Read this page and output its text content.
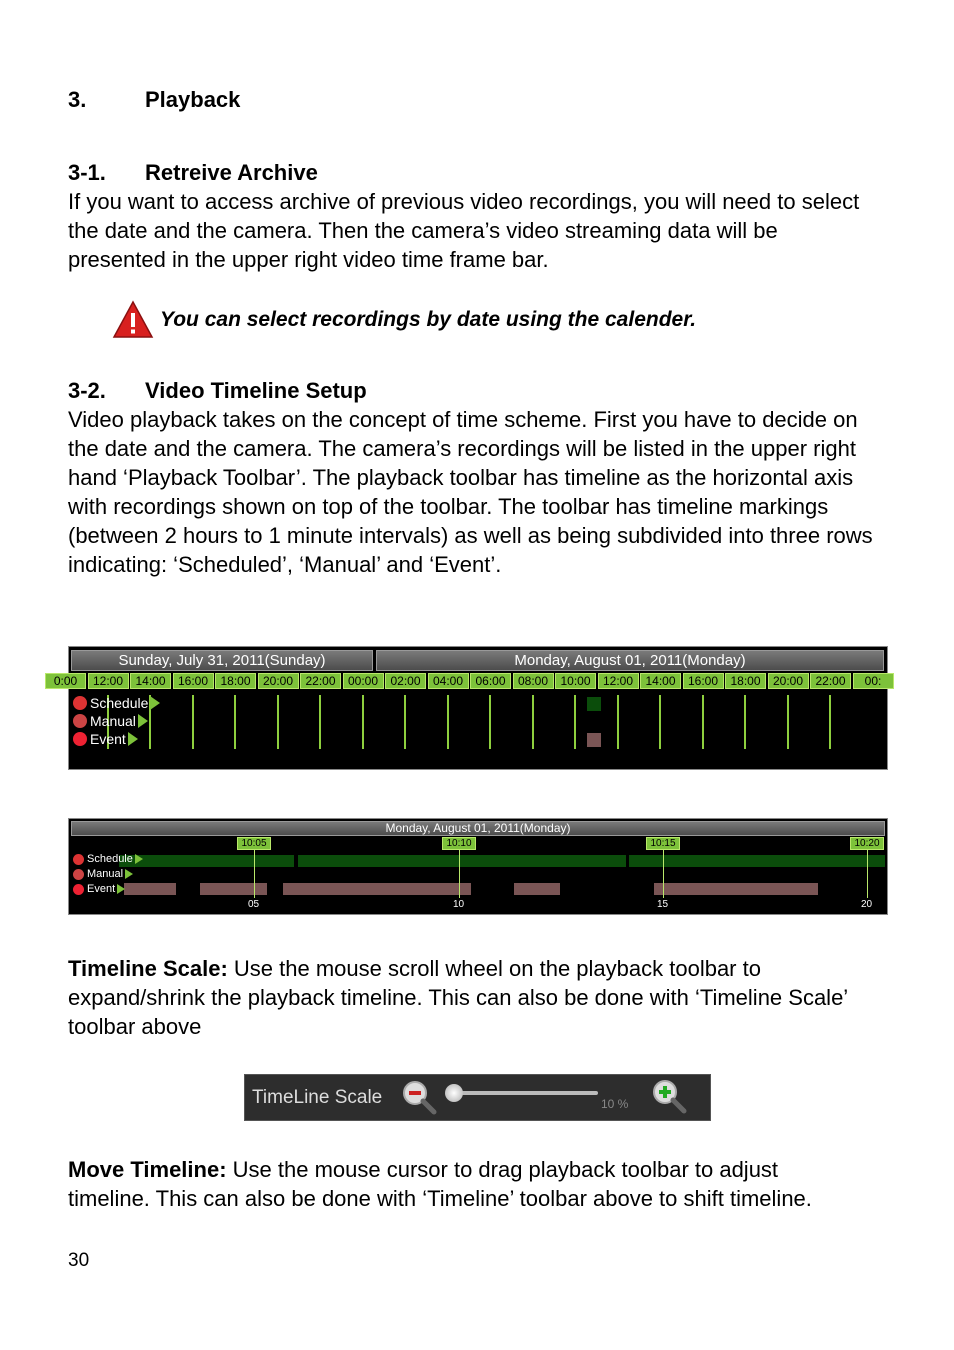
3.	Playback

3-1. Retreive Archive

If you want to access archive of previous video recordings, you will need to select the date and the camera. Then the camera’s video streaming data will be presented in the upper right video time frame bar.

You can select recordings by date using the calender.

3-2. Video Timeline Setup

Video playback takes on the concept of time scheme. First you have to decide on the date and the camera. The camera’s recordings will be listed in the upper right hand ‘Playback Toolbar’. The playback toolbar has timeline as the horizontal axis with recordings shown on top of the toolbar. The toolbar has timeline markings (between 2 hours to 1 minute intervals) as well as being subdivided into three rows indicating: ‘Scheduled’, ‘Manual’ and ‘Event’.

Sunday, July 31, 2011(Sunday)	Monday, August 01, 2011(Monday)
0:00	12:00	14:00	16:00	18:00	20:00	22:00	00:00	02:00	04:00	06:00	08:00	10:00	12:00	14:00	16:00	18:00	20:00	22:00	00:
Schedule
Manual
Event
Monday, August 01, 2011(Monday)
10:05
05
10:10
10
10:15
15
10:20
20
Schedule
Manual
Event

Timeline Scale: Use the mouse scroll wheel on the playback toolbar to expand/shrink the playback timeline. This can also be done with ‘Timeline Scale’ toolbar above

TimeLine Scale	10 %

Move Timeline: Use the mouse cursor to drag playback toolbar to adjust timeline. This can also be done with ‘Timeline’ toolbar above to shift timeline.

30
